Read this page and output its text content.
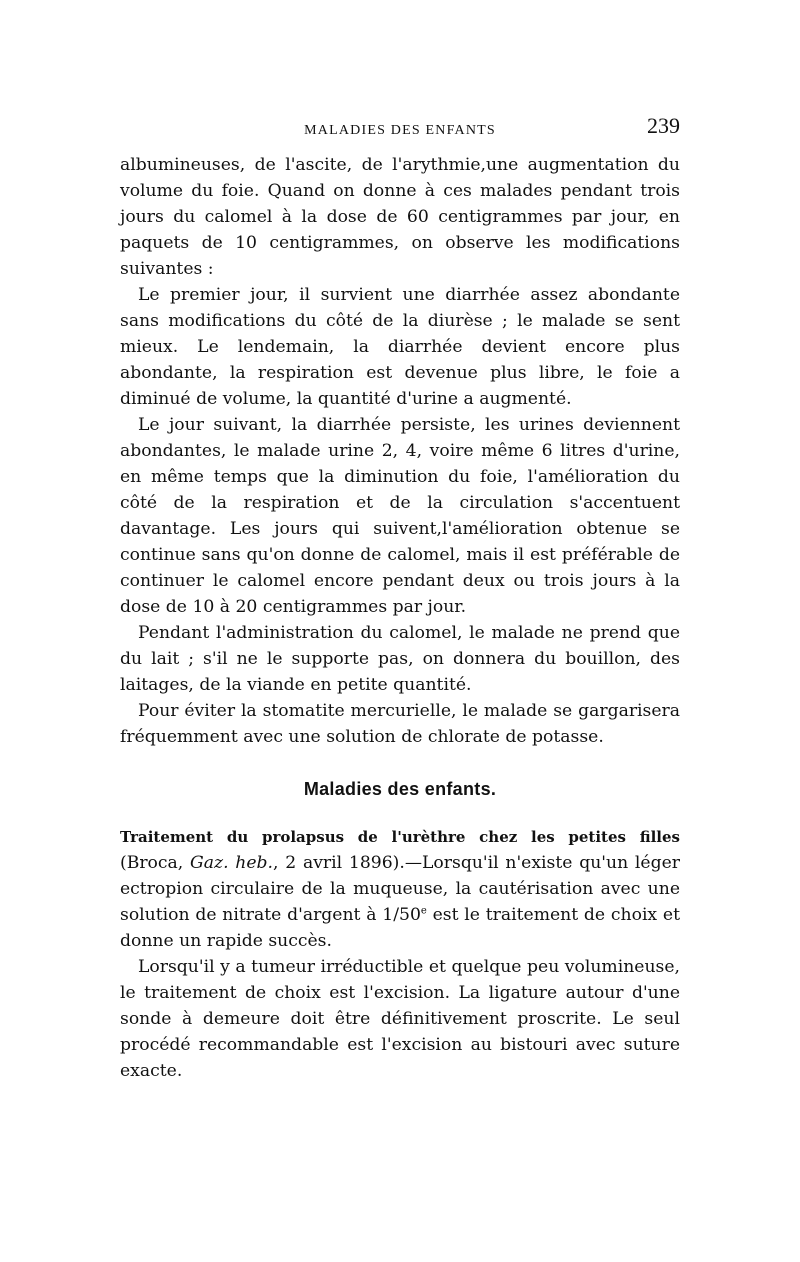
MALADIES DES ENFANTS	239

albumineuses, de l'ascite, de l'arythmie,une augmentation du volume du foie. Quand on donne à ces malades pendant trois jours du calomel à la dose de 60 centigrammes par jour, en paquets de 10 centigrammes, on observe les modifications suivantes :

Le premier jour, il survient une diarrhée assez abondante sans modifications du côté de la diurèse ; le malade se sent mieux. Le lendemain, la diarrhée devient encore plus abondante, la respiration est devenue plus libre, le foie a diminué de volume, la quantité d'urine a augmenté.

Le jour suivant, la diarrhée persiste, les urines deviennent abondantes, le malade urine 2, 4, voire même 6 litres d'urine, en même temps que la diminution du foie, l'amélioration du côté de la respiration et de la circulation s'accentuent davantage. Les jours qui suivent,l'amélioration obtenue se continue sans qu'on donne de calomel, mais il est préférable de continuer le calomel encore pendant deux ou trois jours à la dose de 10 à 20 centigrammes par jour.

Pendant l'administration du calomel, le malade ne prend que du lait ; s'il ne le supporte pas, on donnera du bouillon, des laitages, de la viande en petite quantité.

Pour éviter la stomatite mercurielle, le malade se gargarisera fréquemment avec une solution de chlorate de potasse.

Maladies des enfants.

Traitement du prolapsus de l'urèthre chez les petites filles (Broca, Gaz. heb., 2 avril 1896).—Lorsqu'il n'existe qu'un léger ectropion circulaire de la muqueuse, la cautérisation avec une solution de nitrate d'argent à 1/50e est le traitement de choix et donne un rapide succès.

Lorsqu'il y a tumeur irréductible et quelque peu volumineuse, le traitement de choix est l'excision. La ligature autour d'une sonde à demeure doit être définitivement proscrite. Le seul procédé recommandable est l'excision au bistouri avec suture exacte.
